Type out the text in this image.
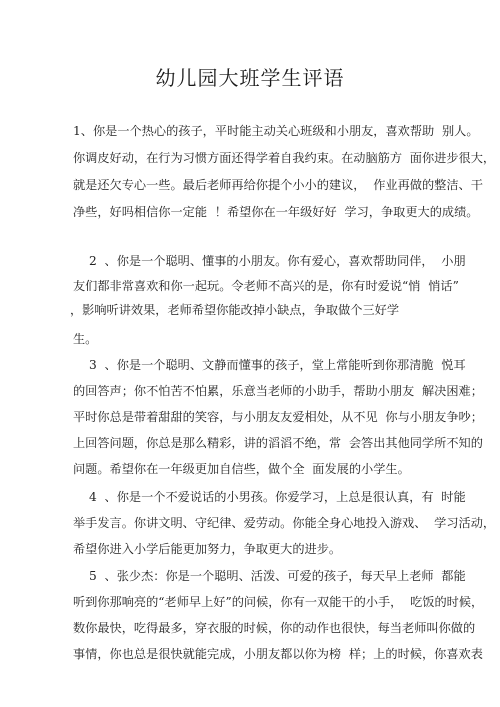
幼儿园大班学生评语
1、你是一个热心的孩子，平时能主动关心班级和小朋友，喜欢帮助  别人。
你调皮好动，在行为习惯方面还得学着自我约束。在动脑筋方  面你进步很大，
就是还欠专心一些。最后老师再给你提个小小的建议，  作业再做的整洁、干
净些，好吗相信你一定能  ！希望你在一年级好好  学习，争取更大的成绩。
2  、你是一个聪明、懂事的小朋友。你有爱心，喜欢帮助同伴，  小朋
友们都非常喜欢和你一起玩。令老师不高兴的是，你有时爱说“悄  悄话”
，影响听讲效果，老师希望你能改掉小缺点，争取做个三好学
生。
3  、你是一个聪明、文静而懂事的孩子，堂上常能听到你那清脆  悦耳
的回答声；你不怕苦不怕累，乐意当老师的小助手，帮助小朋友  解决困难；
平时你总是带着甜甜的笑容，与小朋友友爱相处，从不见  你与小朋友争吵；
上回答问题，你总是那么精彩，讲的滔滔不绝，常  会答出其他同学所不知的
问题。希望你在一年级更加自信些，做个全  面发展的小学生。
4  、你是一个不爱说话的小男孩。你爱学习，上总是很认真，有  时能
举手发言。你讲文明、守纪律、爱劳动。你能全身心地投入游戏、  学习活动，
希望你进入小学后能更加努力，争取更大的进步。
5  、张少杰：你是一个聪明、活泼、可爱的孩子，每天早上老师  都能
听到你那响亮的“老师早上好”的问候，你有一双能干的小手，  吃饭的时候，
数你最快，吃得最多，穿衣服的时候，你的动作也很快，每当老师叫你做的
事情，你也总是很快就能完成，小朋友都以你为榜  样；上的时候，你喜欢表
